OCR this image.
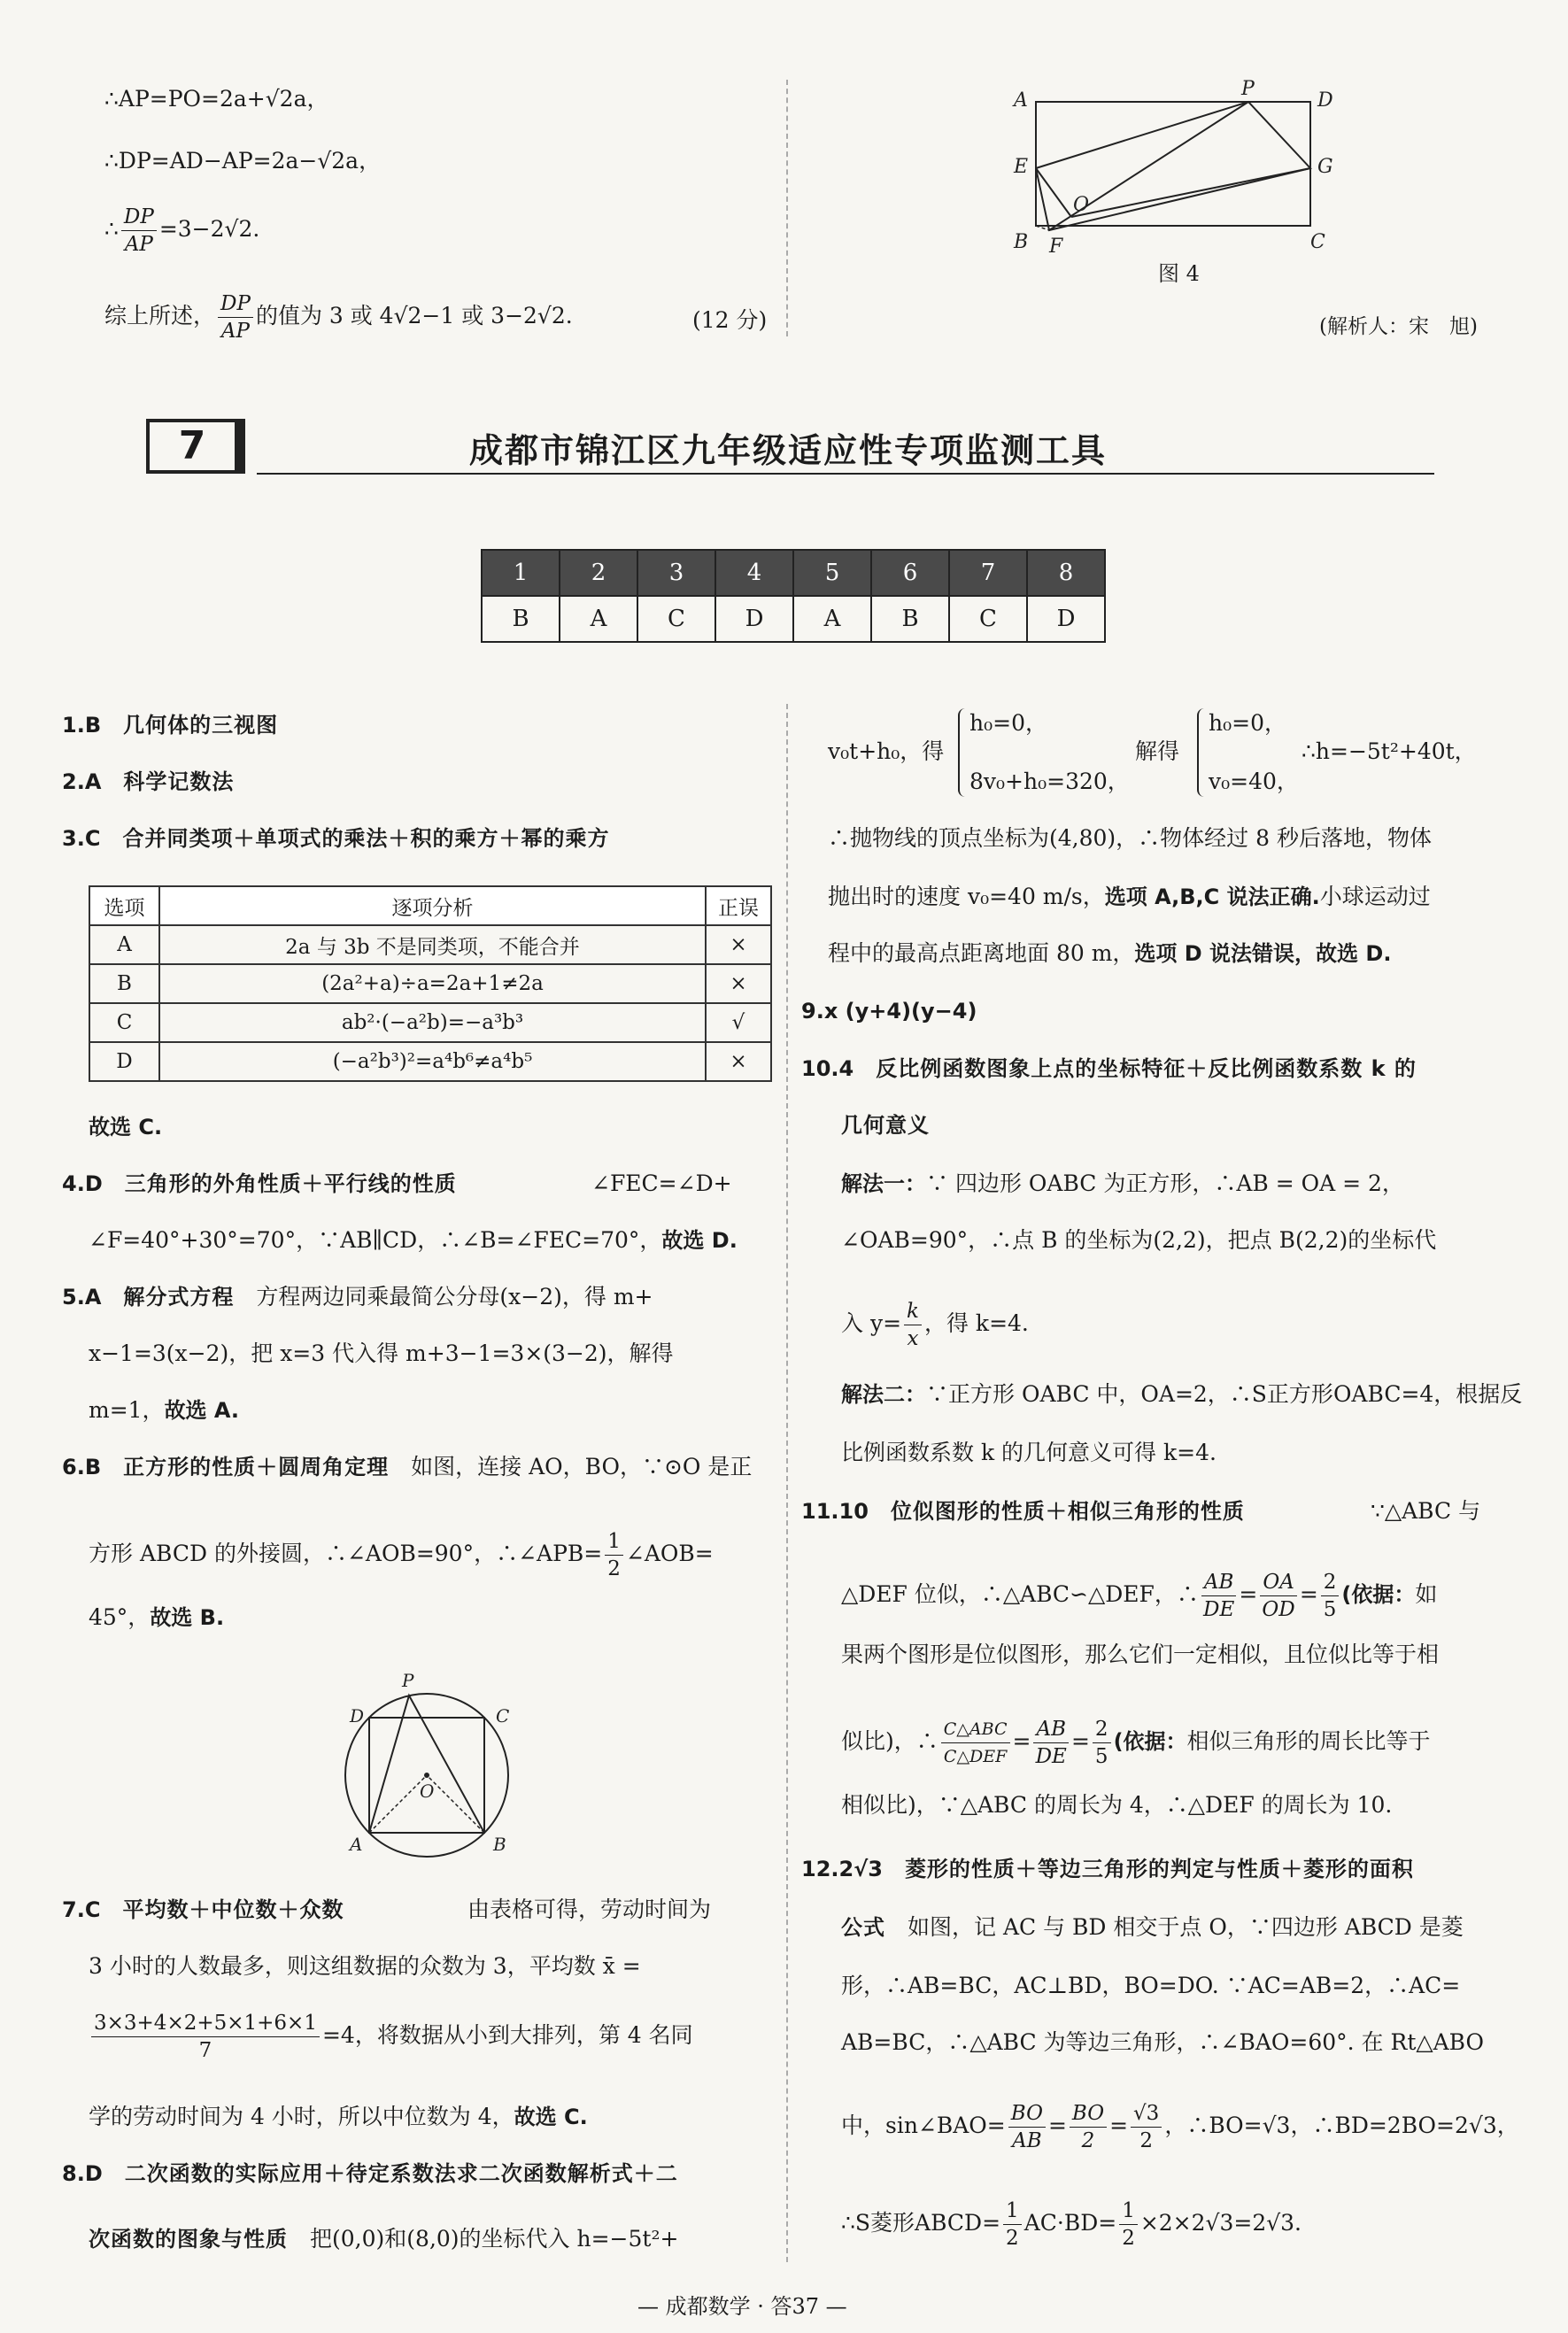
∴AP=PO=2a+√2a，
∴DP=AD−AP=2a−√2a，
∴ $\frac{DP}{AP} =3-2√2$.
综上所述， $\frac{DP}{AP}$ 的值为 3 或 4√2−1 或 3−2√2.	(12 分)
A
P
D
E	G
O
B F	C
图 4
(解析人：宋　旭)
7	成都市锦江区九年级适应性专项监测工具
1	2	3	4	5	6	7	8
B	A	C	D	A	B	C	D
1.B　 几何体的三视图
2.A　 科学记数法
3.C　 合并同类项＋单项式的乘法＋积的乘方＋幂的乘方
选项	逐项分析	正误
A	2a 与 3b 不是同类项，不能合并	×
B	(2a²+a)÷a=2a+1≠2a	×
C	ab²·(−a²b)=−a³b³	√
D	(−a²b³)²=a⁴b⁶≠a⁴b⁵	×
故选 C.
4.D　 三角形的外角性质＋平行线的性质	∠FEC=∠D+
∠F=40°+30°=70°，∵AB∥CD，∴∠B=∠FEC=70°，故选 D.
5.A　 解分式方程　 方程两边同乘最简公分母(x−2)，得 m+
x−1=3(x−2)，把 x=3 代入得 m+3−1=3×(3−2)，解得
m=1，故选 A.
6.B　 正方形的性质＋圆周角定理　 如图，连接 AO，BO，∵⊙O 是正
方形 ABCD 的外接圆，∴∠AOB=90°，∴∠APB= $\frac{1}{2}$ ∠AOB=
45°，故选 B.
P
D	C
O
A	B
7.C　 平均数＋中位数＋众数	由表格可得，劳动时间为
3 小时的人数最多，则这组数据的众数为 3，平均数 x̄ =
$\frac{3\times 3+4\times 2+5\times 1+6\times 1}{7} =4$，将数据从小到大排列，第 4 名同
学的劳动时间为 4 小时，所以中位数为 4，故选 C.
8.D　 二次函数的实际应用＋待定系数法求二次函数解析式＋二
次函数的图象与性质　 把(0,0)和(8,0)的坐标代入 h=−5t²+
v₀t+h₀，得
h₀=0，
8v₀+h₀=320，
解得
h₀=0，
v₀=40，
∴h=−5t²+40t，
∴抛物线的顶点坐标为(4,80)，∴物体经过 8 秒后落地，物体
抛出时的速度 v₀=40 m/s，选项 A,B,C 说法正确.小球运动过
程中的最高点距离地面 80 m，选项 D 说法错误，故选 D.
9.x (y+4)(y−4)
10.4　 反比例函数图象上点的坐标特征＋反比例函数系数 k 的
几何意义
解法一：∵ 四边形 OABC 为正方形，∴AB = OA = 2，
∠OAB=90°，∴点 B 的坐标为(2,2)，把点 B(2,2)的坐标代
入 $y= \frac{k}{x}$ ，得 k=4.
解法二：∵正方形 OABC 中，OA=2，∴S正方形OABC=4，根据反
比例函数系数 k 的几何意义可得 k=4.
11.10　 位似图形的性质＋相似三角形的性质	∵△ABC 与
△DEF 位似，∴△ABC∽△DEF，∴ $\frac{AB}{DE} = \frac{OA}{OD} = \frac{2}{5}$ (依据：如
果两个图形是位似图形，那么它们一定相似，且位似比等于相
似比)，∴ $\frac{\text{C△ABC}}{\text{C△DEF}} = \frac{AB}{DE} = \frac{2}{5}$ (依据：相似三角形的周长比等于
相似比)，∵△ABC 的周长为 4，∴△DEF 的周长为 10.
12.2√3　 菱形的性质＋等边三角形的判定与性质＋菱形的面积
公式　 如图，记 AC 与 BD 相交于点 O，∵四边形 ABCD 是菱
形，∴AB=BC，AC⊥BD，BO=DO. ∵AC=AB=2，∴AC=
AB=BC，∴△ABC 为等边三角形，∴∠BAO=60°. 在 Rt△ABO
中，sin∠BAO= $\frac{BO}{AB} = \frac{BO}{2} = \frac{√3}{2}$ ，∴BO=√3，∴BD=2BO=2√3，
∴S菱形ABCD= $\frac{1}{2} AC\cdot BD= \frac{1}{2} \times 2\times 2√3=2√3$.
— 成都数学 · 答37 —
